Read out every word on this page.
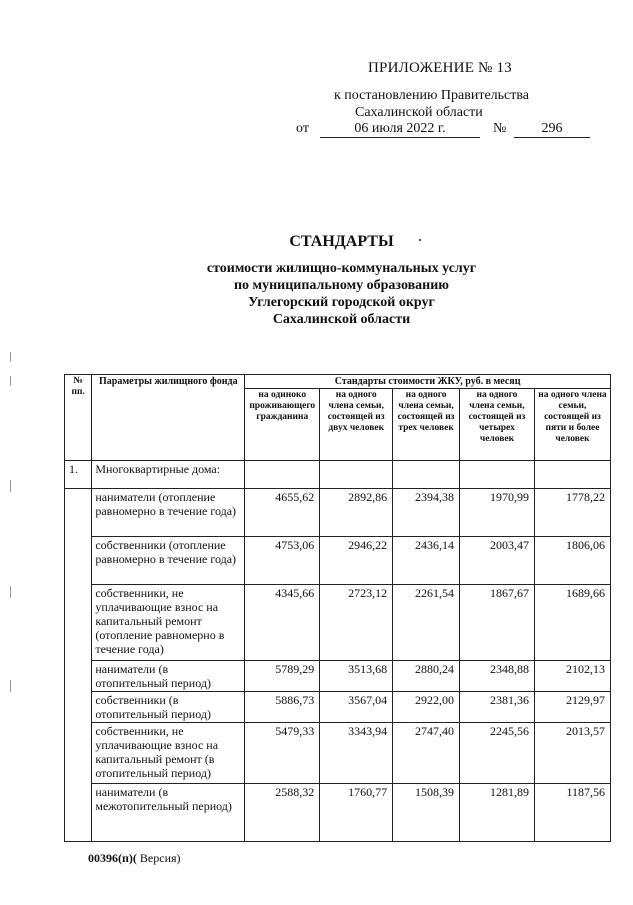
ПРИЛОЖЕНИЕ № 13
к постановлению Правительства
Сахалинской области
от	06 июля 2022 г.	№	296
СТАНДАРТЫ
стоимости жилищно-коммунальных услуг
по муниципальному образованию
Углегорский городской округ
Сахалинской области
№ пп.	Параметры жилищного фонда	Стандарты стоимости ЖКУ, руб. в месяц				
		на одиноко проживающего гражданина	на одного члена семьи, состоящей из двух человек	на одного члена семьи, состоящей из трех человек	на одного члена семьи, состоящей из четырех человек	на одного члена семьи, состоящей из пяти и более человек
1.	Многоквартирные дома:					
	наниматели (отопление равномерно в течение года)	4655,62	2892,86	2394,38	1970,99	1778,22
	собственники (отопление равномерно в течение года)	4753,06	2946,22	2436,14	2003,47	1806,06
	собственники, не уплачивающие взнос на капитальный ремонт (отопление равномерно в течение года)	4345,66	2723,12	2261,54	1867,67	1689,66
	наниматели (в отопительный период)	5789,29	3513,68	2880,24	2348,88	2102,13
	собственники (в отопительный период)	5886,73	3567,04	2922,00	2381,36	2129,97
	собственники, не уплачивающие взнос на капитальный ремонт (в отопительный период)	5479,33	3343,94	2747,40	2245,56	2013,57
	наниматели (в межотопительный период)	2588,32	1760,77	1508,39	1281,89	1187,56
00396(п)( Версия)
